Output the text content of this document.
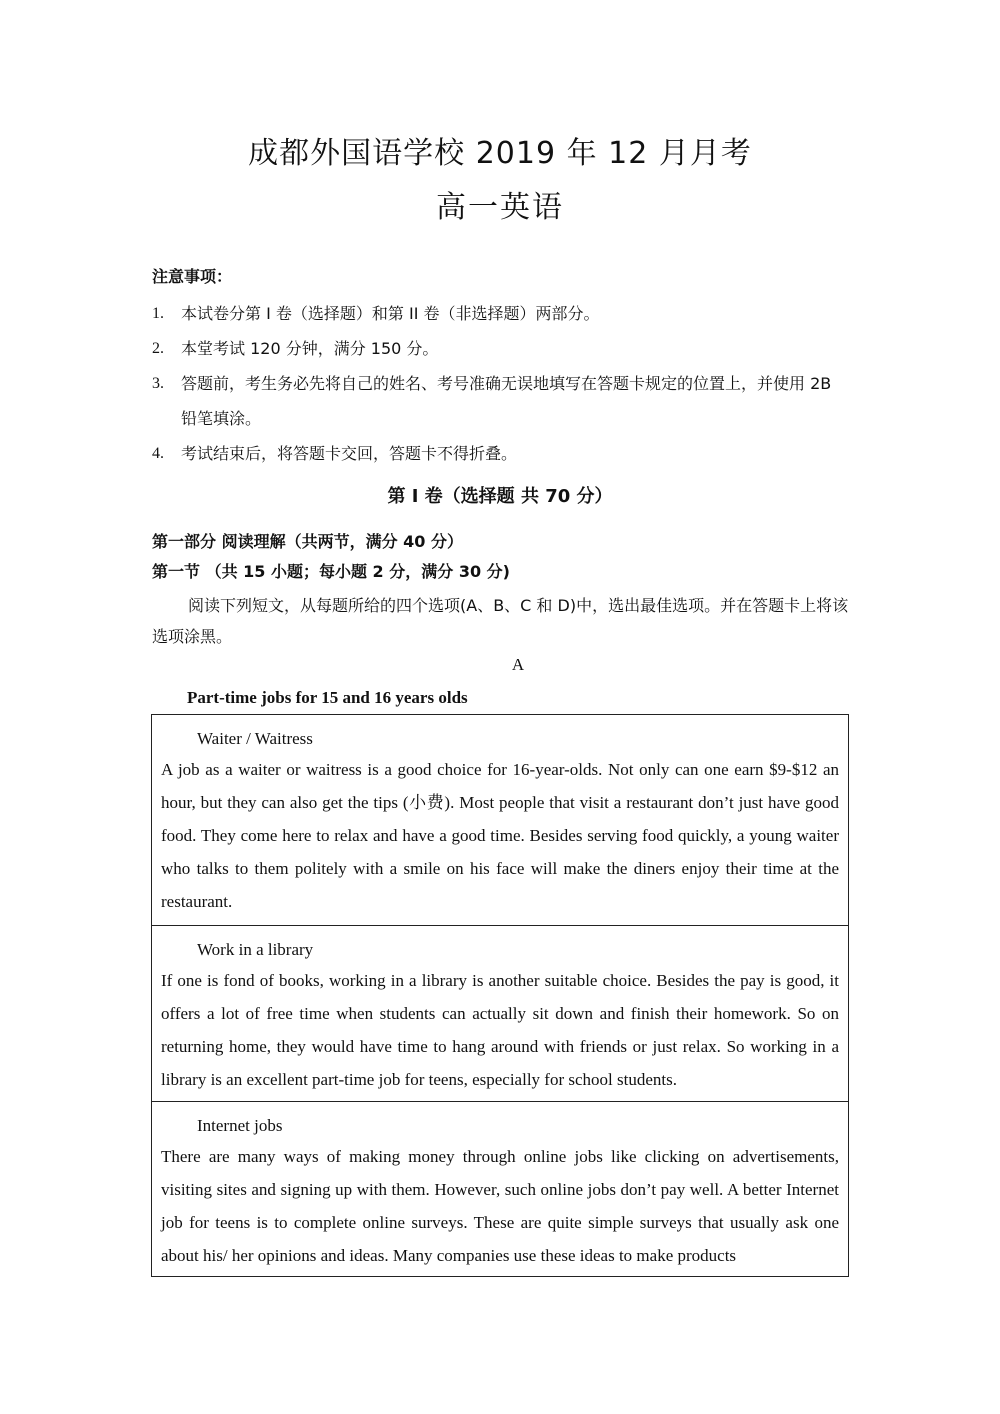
成都外国语学校 2019 年 12 月月考
高一英语
注意事项：
1.	本试卷分第 I 卷（选择题）和第 II 卷（非选择题）两部分。
2.	本堂考试 120 分钟，满分 150 分。
3.	答题前，考生务必先将自己的姓名、考号准确无误地填写在答题卡规定的位置上，并使用 2B 铅笔填涂。
4.	考试结束后，将答题卡交回，答题卡不得折叠。
第 I 卷（选择题 共 70 分）
第一部分 阅读理解（共两节，满分 40 分）
第一节 （共 15 小题；每小题 2 分，满分 30 分)
阅读下列短文，从每题所给的四个选项(A、B、C 和 D)中，选出最佳选项。并在答题卡上将该选项涂黑。
A
Part-time jobs for 15 and 16 years olds
Waiter / Waitress
A job as a waiter or waitress is a good choice for 16-year-olds. Not only can one earn $9-$12 an hour, but they can also get the tips (小费). Most people that visit a restaurant don’t just have good food. They come here to relax and have a good time. Besides serving food quickly, a young waiter who talks to them politely with a smile on his face will make the diners enjoy their time at the restaurant.
Work in a library
If one is fond of books, working in a library is another suitable choice. Besides the pay is good, it offers a lot of free time when students can actually sit down and finish their homework. So on returning home, they would have time to hang around with friends or just relax. So working in a library is an excellent part-time job for teens, especially for school students.
Internet jobs
There are many ways of making money through online jobs like clicking on advertisements, visiting sites and signing up with them. However, such online jobs don’t pay well. A better Internet job for teens is to complete online surveys. These are quite simple surveys that usually ask one about his/ her opinions and ideas. Many companies use these ideas to make products
